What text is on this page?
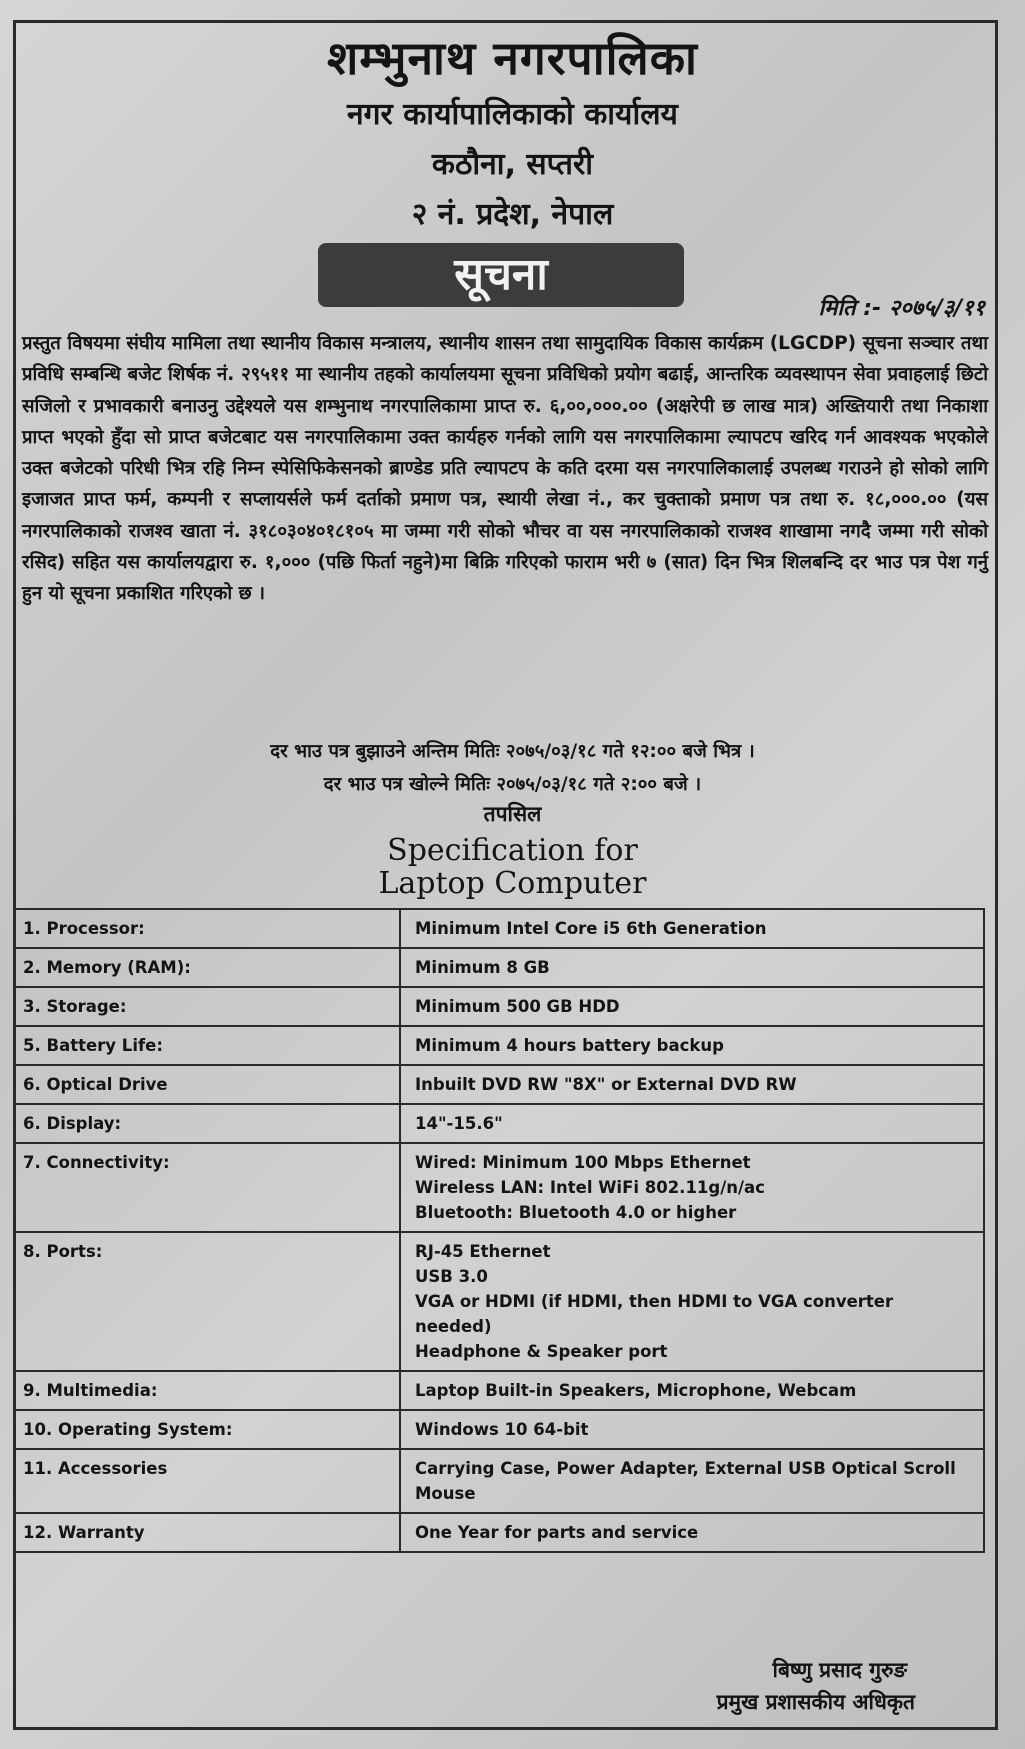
शम्भुनाथ नगरपालिका
नगर कार्यापालिकाको कार्यालय
कठौना, सप्तरी
२ नं. प्रदेश, नेपाल
सूचना
मिति :- २०७५/३/११

प्रस्तुत विषयमा संघीय मामिला तथा स्थानीय विकास मन्त्रालय, स्थानीय शासन तथा सामुदायिक विकास कार्यक्रम (LGCDP) सूचना सञ्चार तथा प्रविधि सम्बन्धि बजेट शिर्षक नं. २९५११ मा स्थानीय तहको कार्यालयमा सूचना प्रविधिको प्रयोग बढाई, आन्तरिक व्यवस्थापन सेवा प्रवाहलाई छिटो सजिलो र प्रभावकारी बनाउनु उद्देश्यले यस शम्भुनाथ नगरपालिकामा प्राप्त रु. ६,००,०००.०० (अक्षरेपी छ लाख मात्र) अख्तियारी तथा निकाशा प्राप्त भएको हुँदा सो प्राप्त बजेटबाट यस नगरपालिकामा उक्त कार्यहरु गर्नको लागि यस नगरपालिकामा ल्यापटप खरिद गर्न आवश्यक भएकोले उक्त बजेटको परिधी भित्र रहि निम्न स्पेसिफिकेसनको ब्राण्डेड प्रति ल्यापटप के कति दरमा यस नगरपालिकालाई उपलब्ध गराउने हो सोको लागि इजाजत प्राप्त फर्म, कम्पनी र सप्लायर्सले फर्म दर्ताको प्रमाण पत्र, स्थायी लेखा नं., कर चुक्ताको प्रमाण पत्र तथा रु. १८,०००.०० (यस नगरपालिकाको राजश्व खाता नं. ३१८०३०४०१८१०५ मा जम्मा गरी सोको भौचर वा यस नगरपालिकाको राजश्व शाखामा नगदै जम्मा गरी सोको रसिद) सहित यस कार्यालयद्वारा रु. १,००० (पछि फिर्ता नहुने)मा बिक्रि गरिएको फाराम भरी ७ (सात) दिन भित्र शिलबन्दि दर भाउ पत्र पेश गर्नु हुन यो सूचना प्रकाशित गरिएको छ ।

दर भाउ पत्र बुझाउने अन्तिम मितिः २०७५/०३/१८ गते १२:०० बजे भित्र ।
दर भाउ पत्र खोल्ने मितिः २०७५/०३/१८ गते २:०० बजे ।
तपसिल
Specification for
Laptop Computer
1. Processor:	Minimum Intel Core i5 6th Generation

2. Memory (RAM):	Minimum 8 GB

3. Storage:	Minimum 500 GB HDD

5. Battery Life:	Minimum 4 hours battery backup

6. Optical Drive	Inbuilt DVD RW "8X" or External DVD RW

6. Display:	14"-15.6"

7. Connectivity:	Wired: Minimum 100 Mbps Ethernet
Wireless LAN: Intel WiFi 802.11g/n/ac
Bluetooth: Bluetooth 4.0 or higher

8. Ports:	RJ-45 Ethernet
USB 3.0
VGA or HDMI (if HDMI, then HDMI to VGA converter needed)
Headphone & Speaker port

9. Multimedia:	Laptop Built-in Speakers, Microphone, Webcam

10. Operating System:	Windows 10 64-bit

11. Accessories	Carrying Case, Power Adapter, External USB Optical Scroll Mouse

12. Warranty	One Year for parts and service
बिष्णु प्रसाद गुरुङ
प्रमुख प्रशासकीय अधिकृत
